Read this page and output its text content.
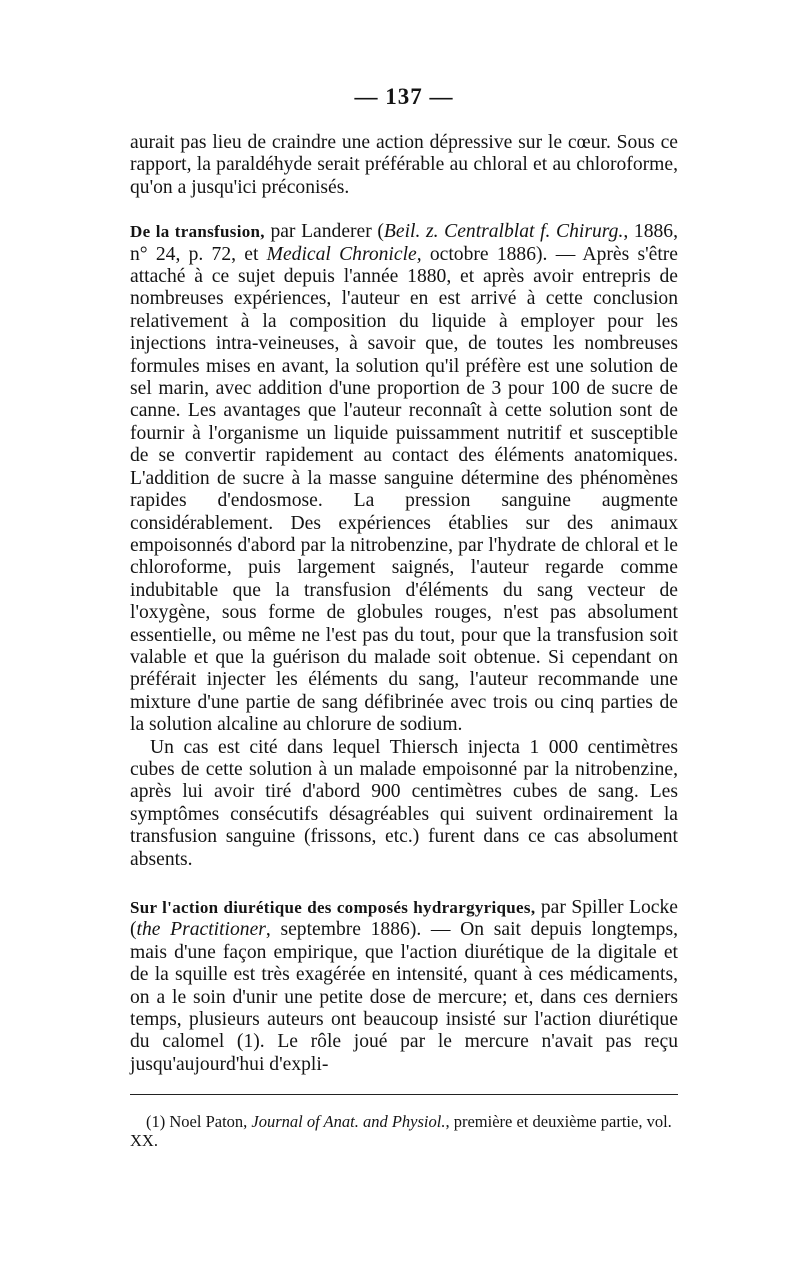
— 137 —

aurait pas lieu de craindre une action dépressive sur le cœur. Sous ce rapport, la paraldéhyde serait préférable au chloral et au chloroforme, qu'on a jusqu'ici préconisés.

De la transfusion, par Landerer (Beil. z. Centralblat f. Chirurg., 1886, n° 24, p. 72, et Medical Chronicle, octobre 1886). — Après s'être attaché à ce sujet depuis l'année 1880, et après avoir entrepris de nombreuses expériences, l'auteur en est arrivé à cette conclusion relativement à la composition du liquide à employer pour les injections intra-veineuses, à savoir que, de toutes les nombreuses formules mises en avant, la solution qu'il préfère est une solution de sel marin, avec addition d'une proportion de 3 pour 100 de sucre de canne. Les avantages que l'auteur reconnaît à cette solution sont de fournir à l'organisme un liquide puissamment nutritif et susceptible de se convertir rapidement au contact des éléments anatomiques. L'addition de sucre à la masse sanguine détermine des phénomènes rapides d'endosmose. La pression sanguine augmente considérablement. Des expériences établies sur des animaux empoisonnés d'abord par la nitrobenzine, par l'hydrate de chloral et le chloroforme, puis largement saignés, l'auteur regarde comme indubitable que la transfusion d'éléments du sang vecteur de l'oxygène, sous forme de globules rouges, n'est pas absolument essentielle, ou même ne l'est pas du tout, pour que la transfusion soit valable et que la guérison du malade soit obtenue. Si cependant on préférait injecter les éléments du sang, l'auteur recommande une mixture d'une partie de sang défibrinée avec trois ou cinq parties de la solution alcaline au chlorure de sodium.

Un cas est cité dans lequel Thiersch injecta 1 000 centimètres cubes de cette solution à un malade empoisonné par la nitrobenzine, après lui avoir tiré d'abord 900 centimètres cubes de sang. Les symptômes consécutifs désagréables qui suivent ordinairement la transfusion sanguine (frissons, etc.) furent dans ce cas absolument absents.

Sur l'action diurétique des composés hydrargyriques, par Spiller Locke (the Practitioner, septembre 1886). — On sait depuis longtemps, mais d'une façon empirique, que l'action diurétique de la digitale et de la squille est très exagérée en intensité, quant à ces médicaments, on a le soin d'unir une petite dose de mercure; et, dans ces derniers temps, plusieurs auteurs ont beaucoup insisté sur l'action diurétique du calomel (1). Le rôle joué par le mercure n'avait pas reçu jusqu'aujourd'hui d'expli-

(1) Noel Paton, Journal of Anat. and Physiol., première et deuxième partie, vol. XX.
